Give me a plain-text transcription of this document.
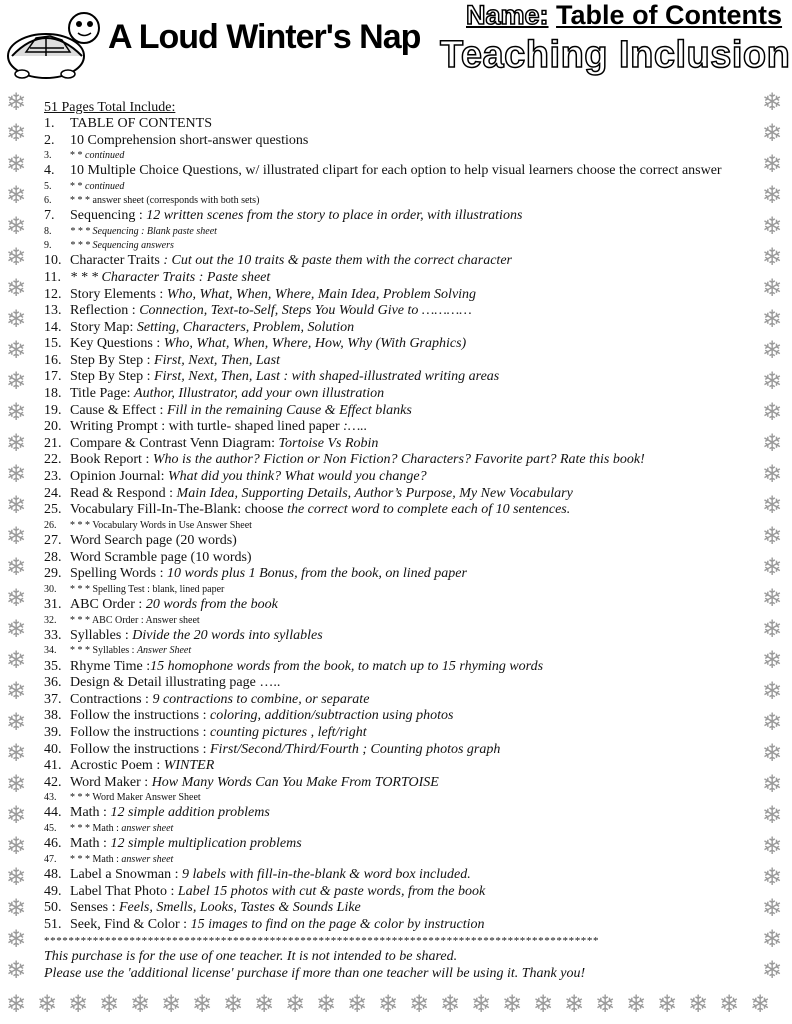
❄	❄
❄	❄
❄	❄
❄	❄
❄	❄
❄	❄
❄	❄
❄	❄
❄	❄
❄	❄
❄	❄
❄	❄
❄	❄
❄	❄
❄	❄
❄	❄
❄	❄
❄	❄
❄	❄
❄	❄
❄	❄
❄	❄
❄	❄
❄	❄
❄	❄
❄	❄
❄	❄
❄	❄
❄	❄
❄ ❄ ❄ ❄ ❄ ❄ ❄ ❄ ❄ ❄ ❄ ❄ ❄ ❄ ❄ ❄ ❄ ❄ ❄ ❄ ❄ ❄ ❄ ❄ ❄
A Loud Winter's Nap
Name: Table of Contents
Teaching Inclusion
51 Pages Total Include:
1. TABLE OF CONTENTS
2. 10 Comprehension short-answer questions
3. * * continued
4. 10 Multiple Choice Questions, w/ illustrated clipart for each option to help visual learners choose the correct answer
5. * * continued
6. * * * answer sheet (corresponds with both sets)
7. Sequencing : 12 written scenes from the story to place in order, with illustrations
8. * * * Sequencing : Blank paste sheet
9. * * * Sequencing answers
10. Character Traits : Cut out the 10 traits & paste them with the correct character
11. * * * Character Traits : Paste sheet
12. Story Elements : Who, What, When, Where, Main Idea, Problem Solving
13. Reflection : Connection, Text-to-Self, Steps You Would Give to …………
14. Story Map: Setting, Characters, Problem, Solution
15. Key Questions : Who, What, When, Where, How, Why (With Graphics)
16. Step By Step : First, Next, Then, Last
17. Step By Step : First, Next, Then, Last : with shaped-illustrated writing areas
18. Title Page: Author, Illustrator, add your own illustration
19. Cause & Effect : Fill in the remaining Cause & Effect blanks
20. Writing Prompt : with turtle- shaped lined paper :…..
21. Compare & Contrast Venn Diagram: Tortoise Vs Robin
22. Book Report : Who is the author? Fiction or Non Fiction? Characters? Favorite part? Rate this book!
23. Opinion Journal: What did you think? What would you change?
24. Read & Respond : Main Idea, Supporting Details, Author’s Purpose, My New Vocabulary
25. Vocabulary Fill-In-The-Blank: choose the correct word to complete each of 10 sentences.
26. * * * Vocabulary Words in Use Answer Sheet
27. Word Search page (20 words)
28. Word Scramble page (10 words)
29. Spelling Words : 10 words plus 1 Bonus, from the book, on lined paper
30. * * * Spelling Test : blank, lined paper
31. ABC Order : 20 words from the book
32. * * * ABC Order : Answer sheet
33. Syllables : Divide the 20 words into syllables
34. * * * Syllables : Answer Sheet
35. Rhyme Time :15 homophone words from the book, to match up to 15 rhyming words
36. Design & Detail illustrating page …..
37. Contractions : 9 contractions to combine, or separate
38. Follow the instructions : coloring, addition/subtraction using photos
39. Follow the instructions : counting pictures , left/right
40. Follow the instructions : First/Second/Third/Fourth ; Counting photos graph
41. Acrostic Poem : WINTER
42. Word Maker : How Many Words Can You Make From TORTOISE
43. * * * Word Maker Answer Sheet
44. Math : 12 simple addition problems
45. * * * Math : answer sheet
46. Math : 12 simple multiplication problems
47. * * * Math : answer sheet
48. Label a Snowman : 9 labels with fill-in-the-blank & word box included.
49. Label That Photo : Label 15 photos with cut & paste words, from the book
50. Senses : Feels, Smells, Looks, Tastes & Sounds Like
51. Seek, Find & Color : 15 images to find on the page & color by instruction
*******************************************************************************************
This purchase is for the use of one teacher. It is not intended to be shared.
Please use the 'additional license' purchase if more than one teacher will be using it. Thank you!
